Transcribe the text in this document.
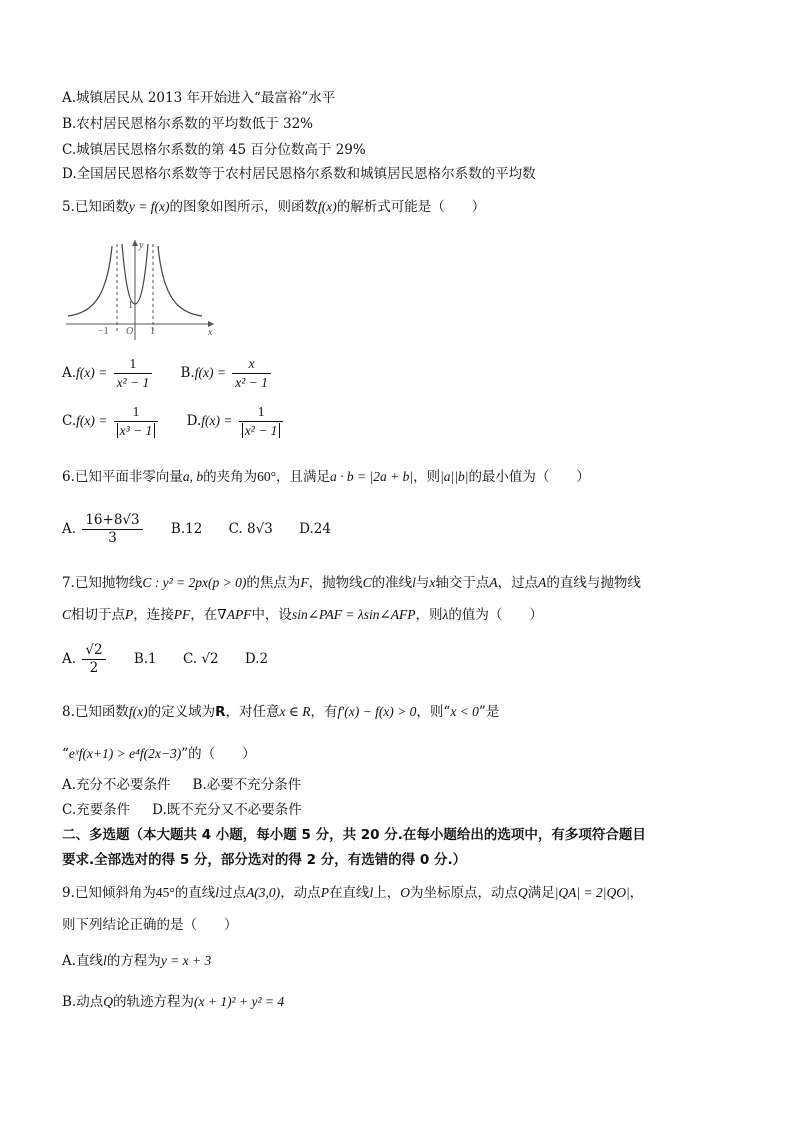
A.城镇居民从 2013 年开始进入“最富裕”水平
B.农村居民恩格尔系数的平均数低于 32%
C.城镇居民恩格尔系数的第 45 百分位数高于 29%
D.全国居民恩格尔系数等于农村居民恩格尔系数和城镇居民恩格尔系数的平均数
5.已知函数y = f(x)的图象如图所示，则函数f(x)的解析式可能是（　　）
y
x
−1 O 1
1
$A.f(x) = \frac{1}{\text{x² − 1}} B.f(x) = \frac{x}{\text{x² − 1}}$
$C.f(x) = \frac{1}{\text{x³ − 1}} D.f(x) = \frac{1}{\text{x² − 1}}$
6.已知平面非零向量a, b的夹角为60°，且满足a · b = |2a + b|，则|a||b|的最小值为（　　）
A. $\frac{16+8√3}{3} B.12$ C. 8√3 D.24
7.已知抛物线C : y² = 2px(p > 0)的焦点为F，抛物线C的准线l与x轴交于点A，过点A的直线与抛物线
C相切于点P，连接PF，在∇APF中，设sin∠PAF = λsin∠AFP，则λ的值为（　　）
A. $\frac{√2}{2} B.1$ C. √2 D.2
8.已知函数f(x)的定义域为R，对任意x ∈ R，有f′(x) − f(x) > 0，则“x < 0”是
“eˣf(x+1) > e⁴f(2x−3)”的（　　）
A.充分不必要条件 B.必要不充分条件
C.充要条件 D.既不充分又不必要条件
二、多选题（本大题共 4 小题，每小题 5 分，共 20 分.在每小题给出的选项中，有多项符合题目
要求.全部选对的得 5 分，部分选对的得 2 分，有选错的得 0 分.）
9.已知倾斜角为45°的直线l过点A(3,0)，动点P在直线l上，O为坐标原点，动点Q满足|QA| = 2|QO|，
则下列结论正确的是（　　）
A.直线l的方程为y = x + 3
B.动点Q的轨迹方程为(x + 1)² + y² = 4
